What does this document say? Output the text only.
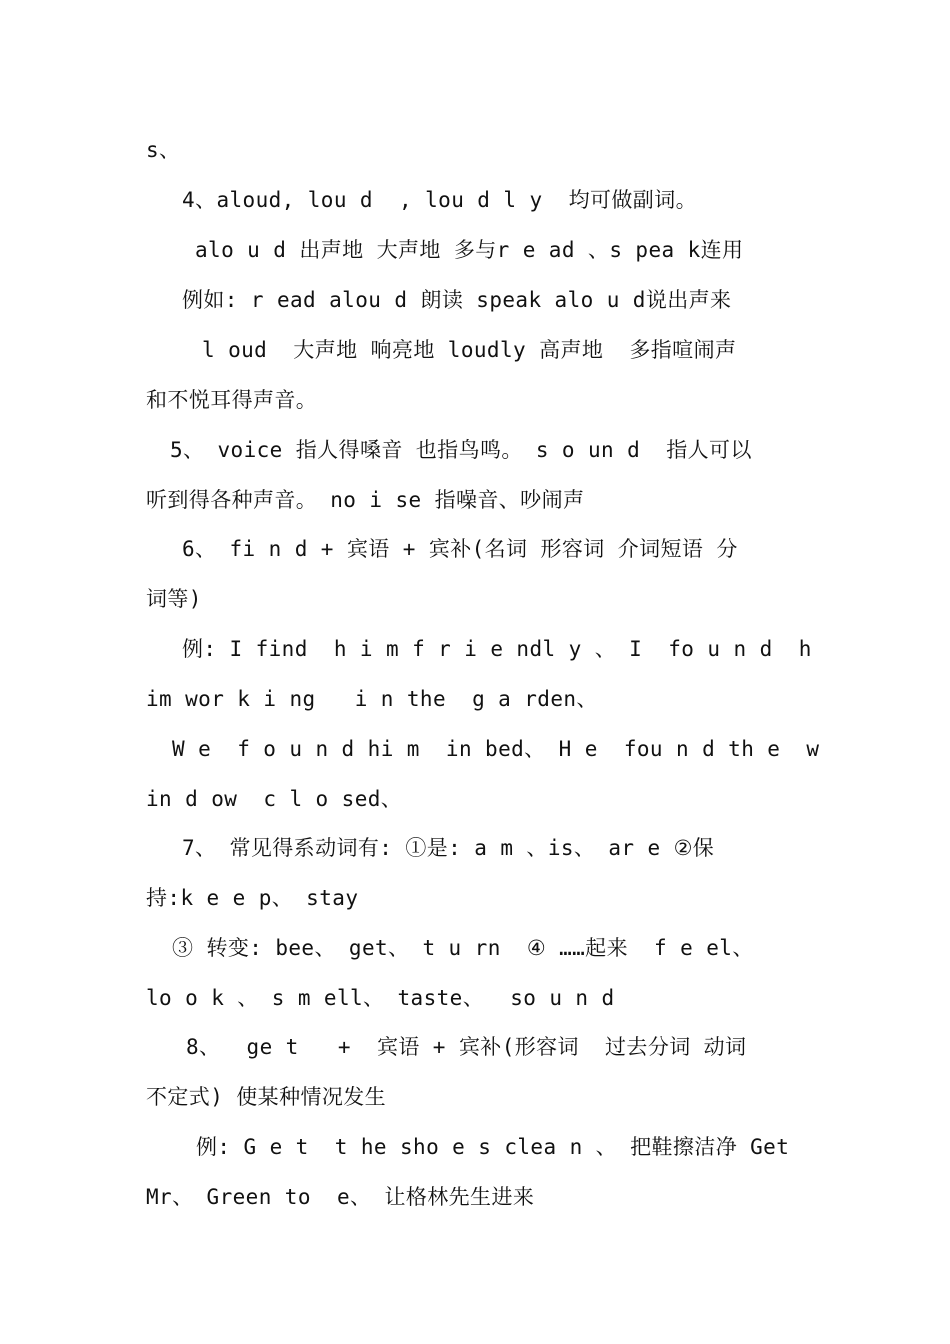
s、
4、aloud, lou d  , lou d l y  均可做副词。
alo u d 出声地 大声地 多与r e ad 、s pea k连用
例如: r ead alou d 朗读 speak alo u d说出声来
l oud  大声地 响亮地 loudly 高声地  多指喧闹声
和不悦耳得声音。
5、 voice 指人得嗓音 也指鸟鸣。 s o un d  指人可以
听到得各种声音。 no i se 指噪音、吵闹声
6、 fi n d + 宾语 + 宾补(名词 形容词 介词短语 分
词等)
例: I find  h i m f r i e ndl y 、 I  fo u n d  h
im wor k i ng   i n the  g a rden、
W e  f o u n d hi m  in bed、 H e  fou n d th e  w
in d ow  c l o sed、
7、 常见得系动词有: ①是: a m 、is、 ar e ②保
持:k e e p、 stay
③ 转变: bee、 get、 t u rn  ④ ……起来  f e el、
lo o k 、 s m ell、 taste、  so u n d
8、  ge t   +  宾语 + 宾补(形容词  过去分词 动词
不定式) 使某种情况发生
例: G e t  t he sho e s clea n 、 把鞋擦洁净 Get
Mr、 Green to  e、 让格林先生进来
